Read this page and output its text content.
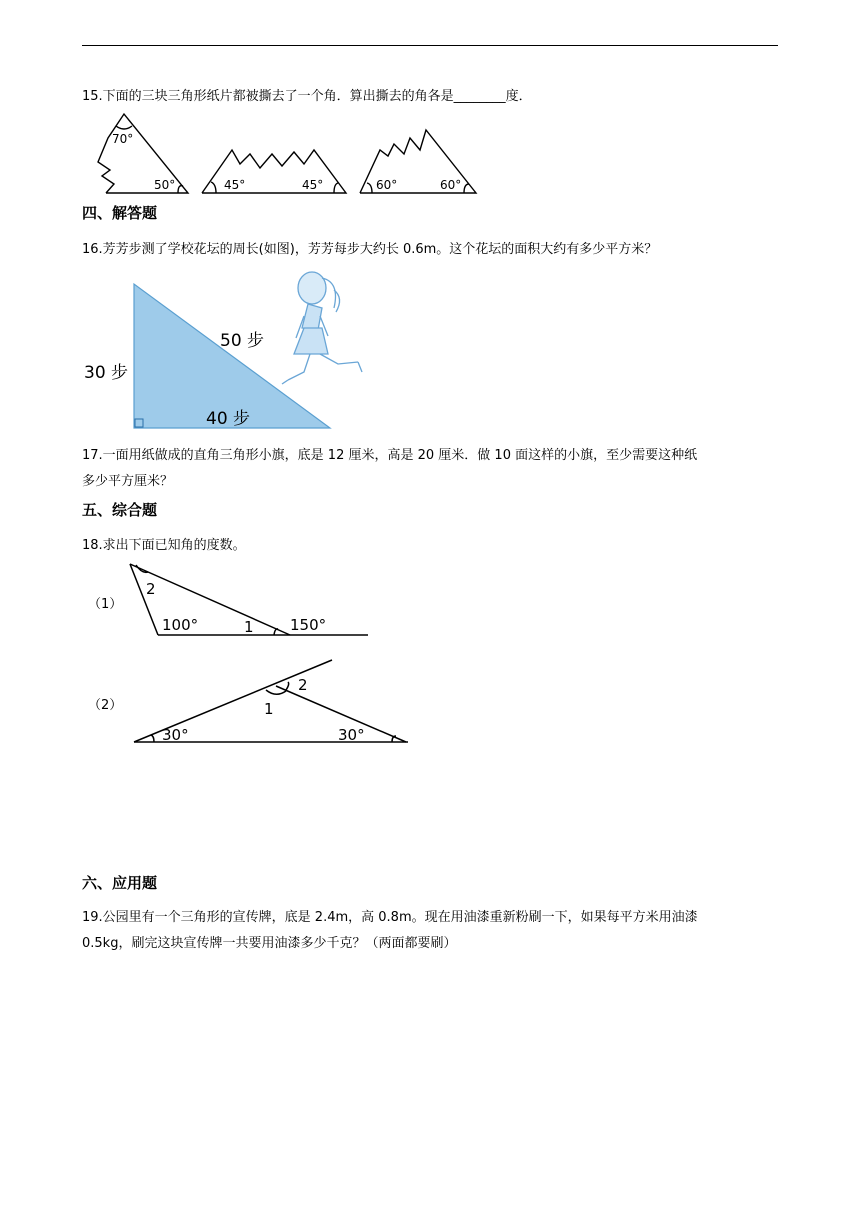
15.下面的三块三角形纸片都被撕去了一个角．算出撕去的角各是________度．
70°
50°	45°	45°	60°	60°
四、解答题
16.芳芳步测了学校花坛的周长(如图)，芳芳每步大约长 0.6m。这个花坛的面积大约有多少平方米？
30 步
50 步
40 步
17.一面用纸做成的直角三角形小旗，底是 12 厘米，高是 20 厘米．做 10 面这样的小旗，至少需要这种纸
多少平方厘米？
五、综合题
18.求出下面已知角的度数。
（1）
2
100°	1 150°
（2）
2
1
30°	30°
六、应用题
19.公园里有一个三角形的宣传牌，底是 2.4m，高 0.8m。现在用油漆重新粉刷一下，如果每平方米用油漆
0.5kg，刷完这块宣传牌一共要用油漆多少千克？（两面都要刷）
